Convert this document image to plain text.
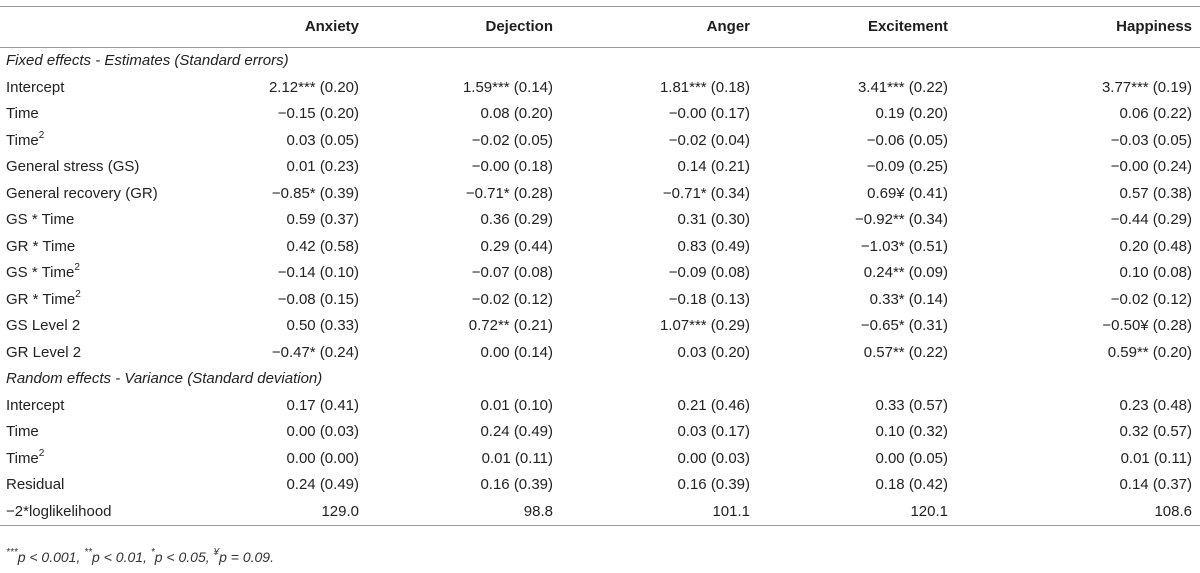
	Anxiety	Dejection	Anger	Excitement	Happiness
Fixed effects - Estimates (Standard errors)					
Intercept	2.12*** (0.20)	1.59*** (0.14)	1.81*** (0.18)	3.41*** (0.22)	3.77*** (0.19)
Time	−0.15 (0.20)	0.08 (0.20)	−0.00 (0.17)	0.19 (0.20)	0.06 (0.22)
Time$^2$	0.03 (0.05)	−0.02 (0.05)	−0.02 (0.04)	−0.06 (0.05)	−0.03 (0.05)
General stress (GS)	0.01 (0.23)	−0.00 (0.18)	0.14 (0.21)	−0.09 (0.25)	−0.00 (0.24)
General recovery (GR)	−0.85* (0.39)	−0.71* (0.28)	−0.71* (0.34)	0.69¥ (0.41)	0.57 (0.38)
GS * Time	0.59 (0.37)	0.36 (0.29)	0.31 (0.30)	−0.92** (0.34)	−0.44 (0.29)
GR * Time	0.42 (0.58)	0.29 (0.44)	0.83 (0.49)	−1.03* (0.51)	0.20 (0.48)
GS * Time$^2$	−0.14 (0.10)	−0.07 (0.08)	−0.09 (0.08)	0.24** (0.09)	0.10 (0.08)
GR * Time$^2$	−0.08 (0.15)	−0.02 (0.12)	−0.18 (0.13)	0.33* (0.14)	−0.02 (0.12)
GS Level 2	0.50 (0.33)	0.72** (0.21)	1.07*** (0.29)	−0.65* (0.31)	−0.50¥ (0.28)
GR Level 2	−0.47* (0.24)	0.00 (0.14)	0.03 (0.20)	0.57** (0.22)	0.59** (0.20)
Random effects - Variance (Standard deviation)					
Intercept	0.17 (0.41)	0.01 (0.10)	0.21 (0.46)	0.33 (0.57)	0.23 (0.48)
Time	0.00 (0.03)	0.24 (0.49)	0.03 (0.17)	0.10 (0.32)	0.32 (0.57)
Time$^2$	0.00 (0.00)	0.01 (0.11)	0.00 (0.03)	0.00 (0.05)	0.01 (0.11)
Residual	0.24 (0.49)	0.16 (0.39)	0.16 (0.39)	0.18 (0.42)	0.14 (0.37)
−2*loglikelihood	129.0	98.8	101.1	120.1	108.6
***p < 0.001, **p < 0.01, *p < 0.05, ¥p = 0.09.
